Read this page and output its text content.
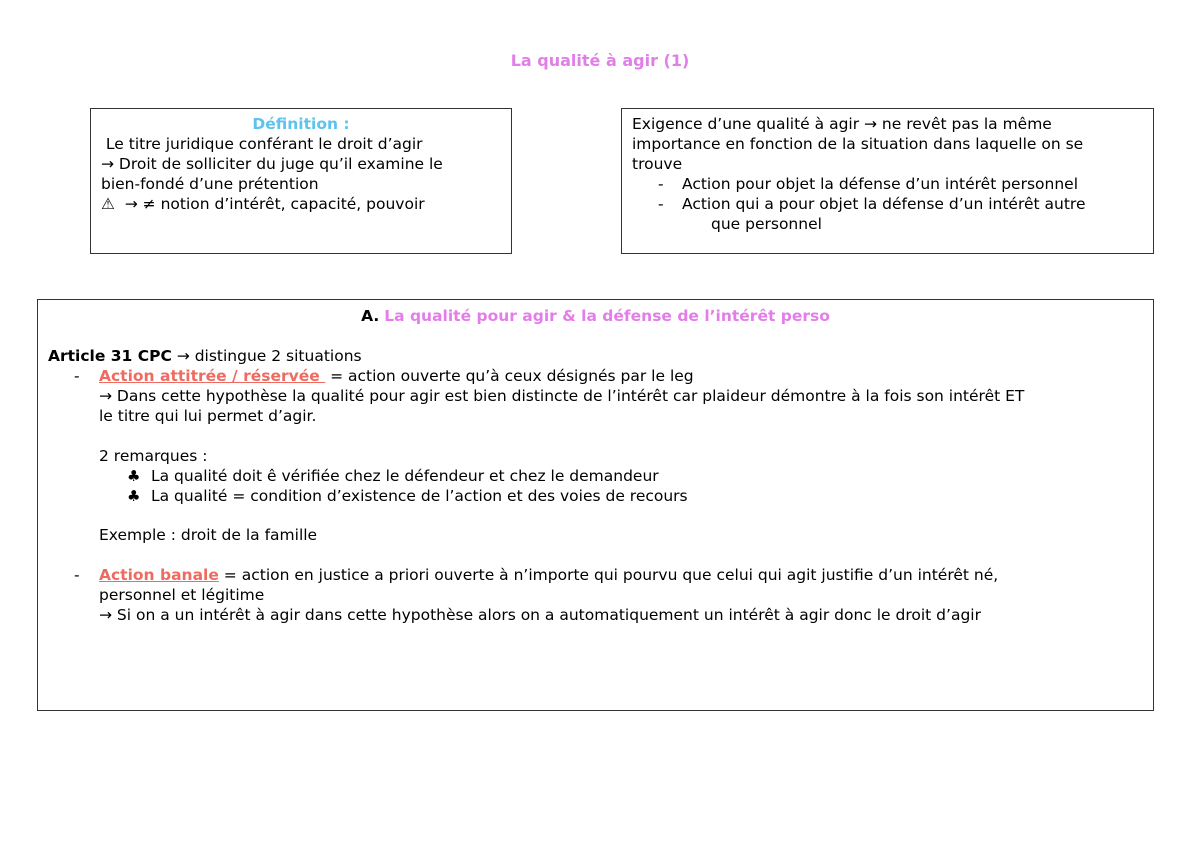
La qualité à agir (1)
Définition :
Le titre juridique conférant le droit d’agir
→ Droit de solliciter du juge qu’il examine le
bien-fondé d’une prétention
⚠  → ≠ notion d’intérêt, capacité, pouvoir
Exigence d’une qualité à agir → ne revêt pas la même
importance en fonction de la situation dans laquelle on se
trouve
- Action pour objet la défense d’un intérêt personnel
- Action qui a pour objet la défense d’un intérêt autre
que personnel
A. La qualité pour agir & la défense de l’intérêt perso
Article 31 CPC → distingue 2 situations
- Action attitrée / réservée  = action ouverte qu’à ceux désignés par le leg
→ Dans cette hypothèse la qualité pour agir est bien distincte de l’intérêt car plaideur démontre à la fois son intérêt ET
le titre qui lui permet d’agir.
2 remarques :
♣ La qualité doit ê vérifiée chez le défendeur et chez le demandeur
♣ La qualité = condition d’existence de l’action et des voies de recours
Exemple : droit de la famille
- Action banale = action en justice a priori ouverte à n’importe qui pourvu que celui qui agit justifie d’un intérêt né,
personnel et légitime
→ Si on a un intérêt à agir dans cette hypothèse alors on a automatiquement un intérêt à agir donc le droit d’agir
